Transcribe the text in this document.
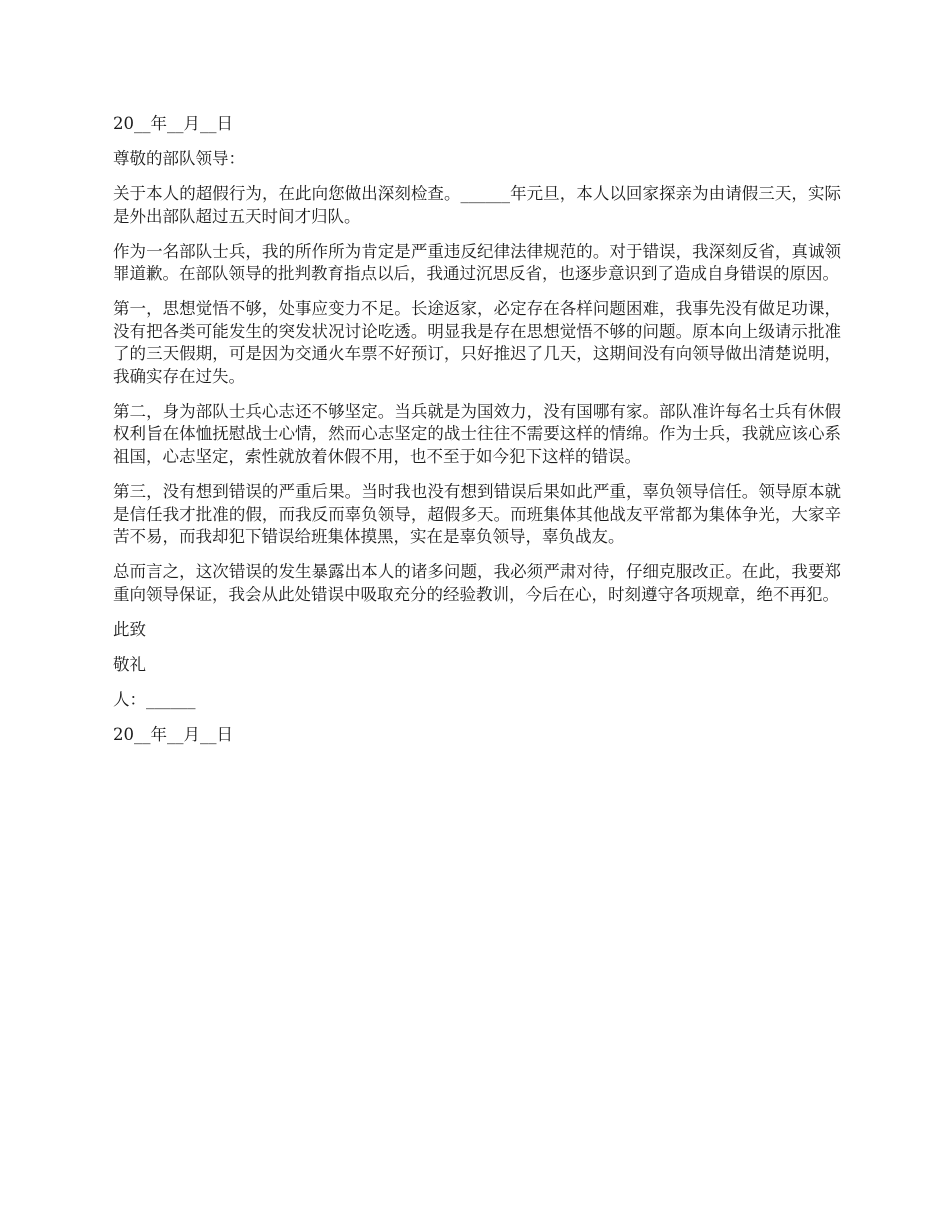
20__年__月__日
尊敬的部队领导：
关于本人的超假行为，在此向您做出深刻检查。______年元旦，本人以回家探亲为由请假三天，实际是外出部队超过五天时间才归队。
作为一名部队士兵，我的所作所为肯定是严重违反纪律法律规范的。对于错误，我深刻反省，真诚领罪道歉。在部队领导的批判教育指点以后，我通过沉思反省，也逐步意识到了造成自身错误的原因。
第一，思想觉悟不够，处事应变力不足。长途返家，必定存在各样问题困难，我事先没有做足功课，没有把各类可能发生的突发状况讨论吃透。明显我是存在思想觉悟不够的问题。原本向上级请示批准了的三天假期，可是因为交通火车票不好预订，只好推迟了几天，这期间没有向领导做出清楚说明，我确实存在过失。
第二，身为部队士兵心志还不够坚定。当兵就是为国效力，没有国哪有家。部队准许每名士兵有休假权利旨在体恤抚慰战士心情，然而心志坚定的战士往往不需要这样的情绵。作为士兵，我就应该心系祖国，心志坚定，索性就放着休假不用，也不至于如今犯下这样的错误。
第三，没有想到错误的严重后果。当时我也没有想到错误后果如此严重，辜负领导信任。领导原本就是信任我才批准的假，而我反而辜负领导，超假多天。而班集体其他战友平常都为集体争光，大家辛苦不易，而我却犯下错误给班集体摸黑，实在是辜负领导，辜负战友。
总而言之，这次错误的发生暴露出本人的诸多问题，我必须严肃对待，仔细克服改正。在此，我要郑重向领导保证，我会从此处错误中吸取充分的经验教训，今后在心，时刻遵守各项规章，绝不再犯。
此致
敬礼
人：______
20__年__月__日
